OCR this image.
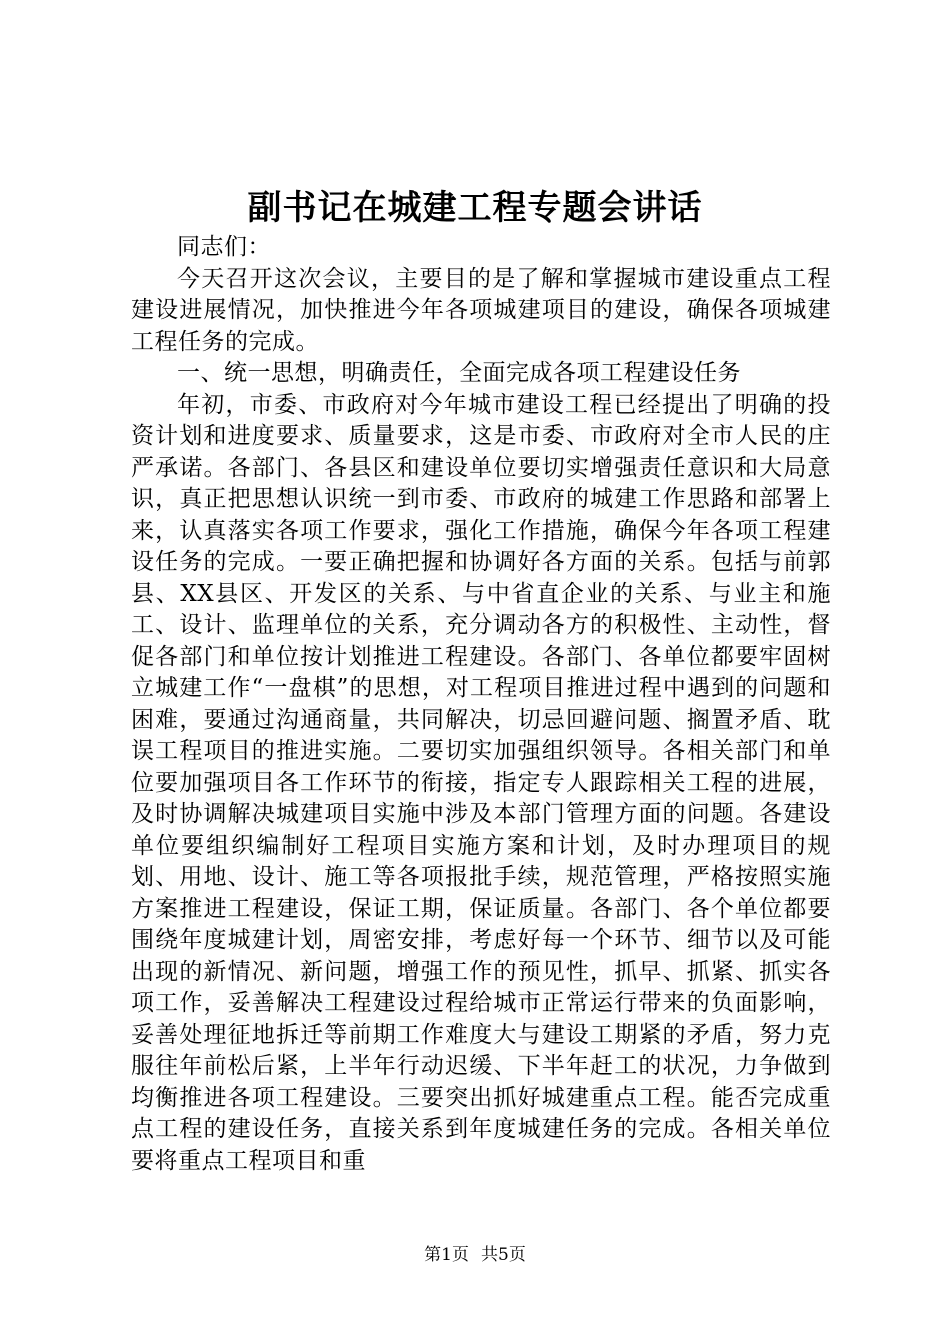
副书记在城建工程专题会讲话

同志们：

今天召开这次会议，主要目的是了解和掌握城市建设重点工程建设进展情况，加快推进今年各项城建项目的建设，确保各项城建工程任务的完成。

一、统一思想，明确责任，全面完成各项工程建设任务

年初，市委、市政府对今年城市建设工程已经提出了明确的投资计划和进度要求、质量要求，这是市委、市政府对全市人民的庄严承诺。各部门、各县区和建设单位要切实增强责任意识和大局意识，真正把思想认识统一到市委、市政府的城建工作思路和部署上来，认真落实各项工作要求，强化工作措施，确保今年各项工程建设任务的完成。一要正确把握和协调好各方面的关系。包括与前郭县、XX县区、开发区的关系、与中省直企业的关系、与业主和施工、设计、监理单位的关系，充分调动各方的积极性、主动性，督促各部门和单位按计划推进工程建设。各部门、各单位都要牢固树立城建工作“一盘棋”的思想，对工程项目推进过程中遇到的问题和困难，要通过沟通商量，共同解决，切忌回避问题、搁置矛盾、耽误工程项目的推进实施。二要切实加强组织领导。各相关部门和单位要加强项目各工作环节的衔接，指定专人跟踪相关工程的进展，及时协调解决城建项目实施中涉及本部门管理方面的问题。各建设单位要组织编制好工程项目实施方案和计划，及时办理项目的规划、用地、设计、施工等各项报批手续，规范管理，严格按照实施方案推进工程建设，保证工期，保证质量。各部门、各个单位都要围绕年度城建计划，周密安排，考虑好每一个环节、细节以及可能出现的新情况、新问题，增强工作的预见性，抓早、抓紧、抓实各项工作，妥善解决工程建设过程给城市正常运行带来的负面影响，妥善处理征地拆迁等前期工作难度大与建设工期紧的矛盾，努力克服往年前松后紧，上半年行动迟缓、下半年赶工的状况，力争做到均衡推进各项工程建设。三要突出抓好城建重点工程。能否完成重点工程的建设任务，直接关系到年度城建任务的完成。各相关单位要将重点工程项目和重

第1页 共5页
